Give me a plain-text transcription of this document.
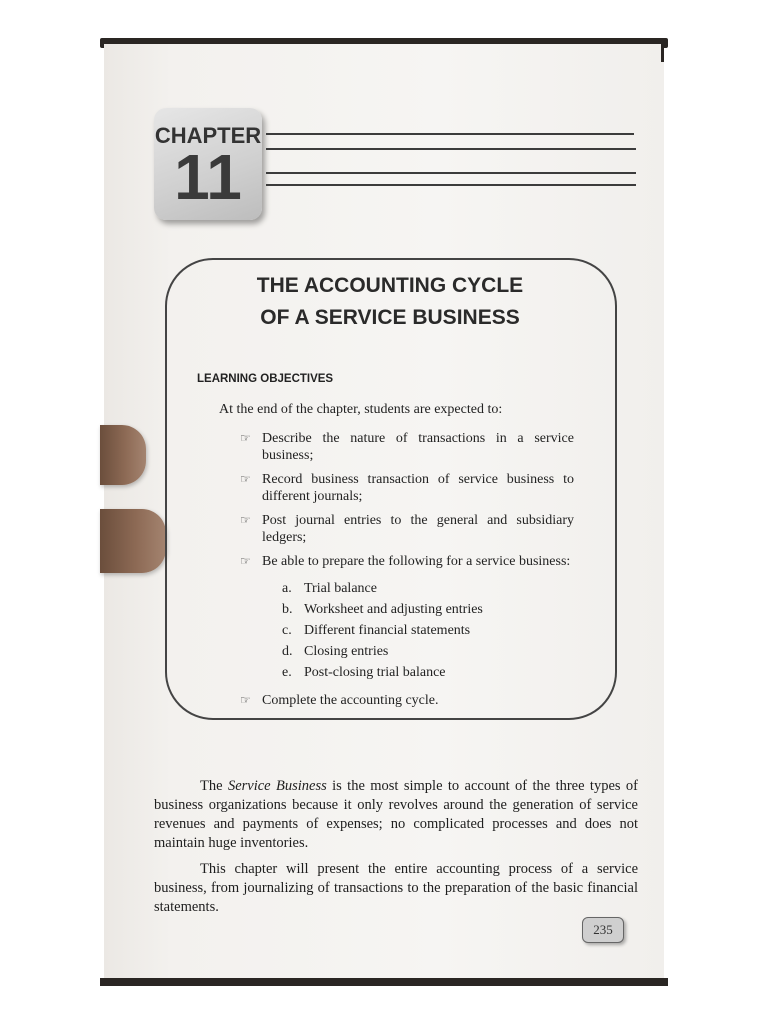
CHAPTER
11
THE ACCOUNTING CYCLE
OF A SERVICE BUSINESS
LEARNING OBJECTIVES
At the end of the chapter, students are expected to:
☞ Describe the nature of transactions in a service business;
☞ Record business transaction of service business to different journals;
☞ Post journal entries to the general and subsidiary ledgers;
☞ Be able to prepare the following for a service business:
a. Trial balance
b. Worksheet and adjusting entries
c. Different financial statements
d. Closing entries
e. Post-closing trial balance
☞ Complete the accounting cycle.
The Service Business is the most simple to account of the three types of business organizations because it only revolves around the generation of service revenues and payments of expenses; no complicated processes and does not maintain huge inventories.
This chapter will present the entire accounting process of a service business, from journalizing of transactions to the preparation of the basic financial statements.
235
